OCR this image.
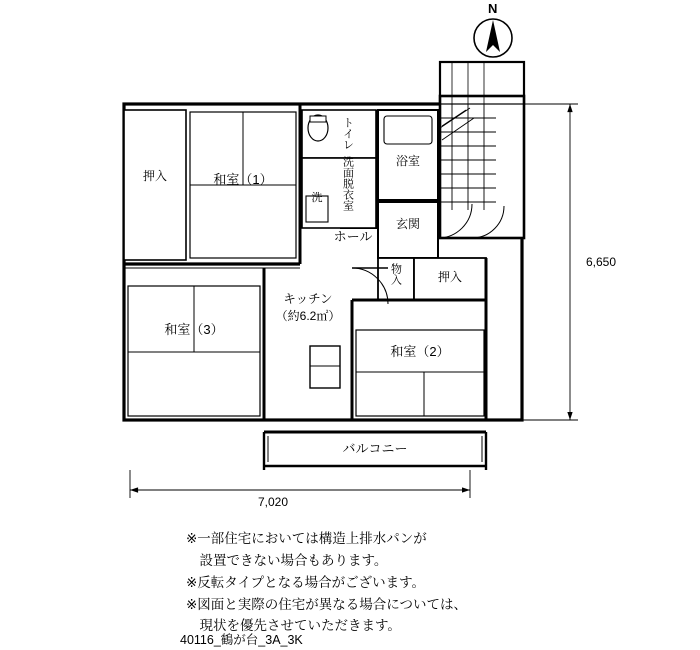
押入	和室（1）
トイレ
洗面脱衣室
洗
浴室
ホール
玄関
物入	押入
和室（3）
キッチン
（約6.2㎡）
和室（2）
バルコニー
7,020
6,650
N
※一部住宅においては構造上排水パンが
　設置できない場合もあります。
※反転タイプとなる場合がございます。
※図面と実際の住宅が異なる場合については、
　現状を優先させていただきます。
40116_鶴が台_3A_3K
